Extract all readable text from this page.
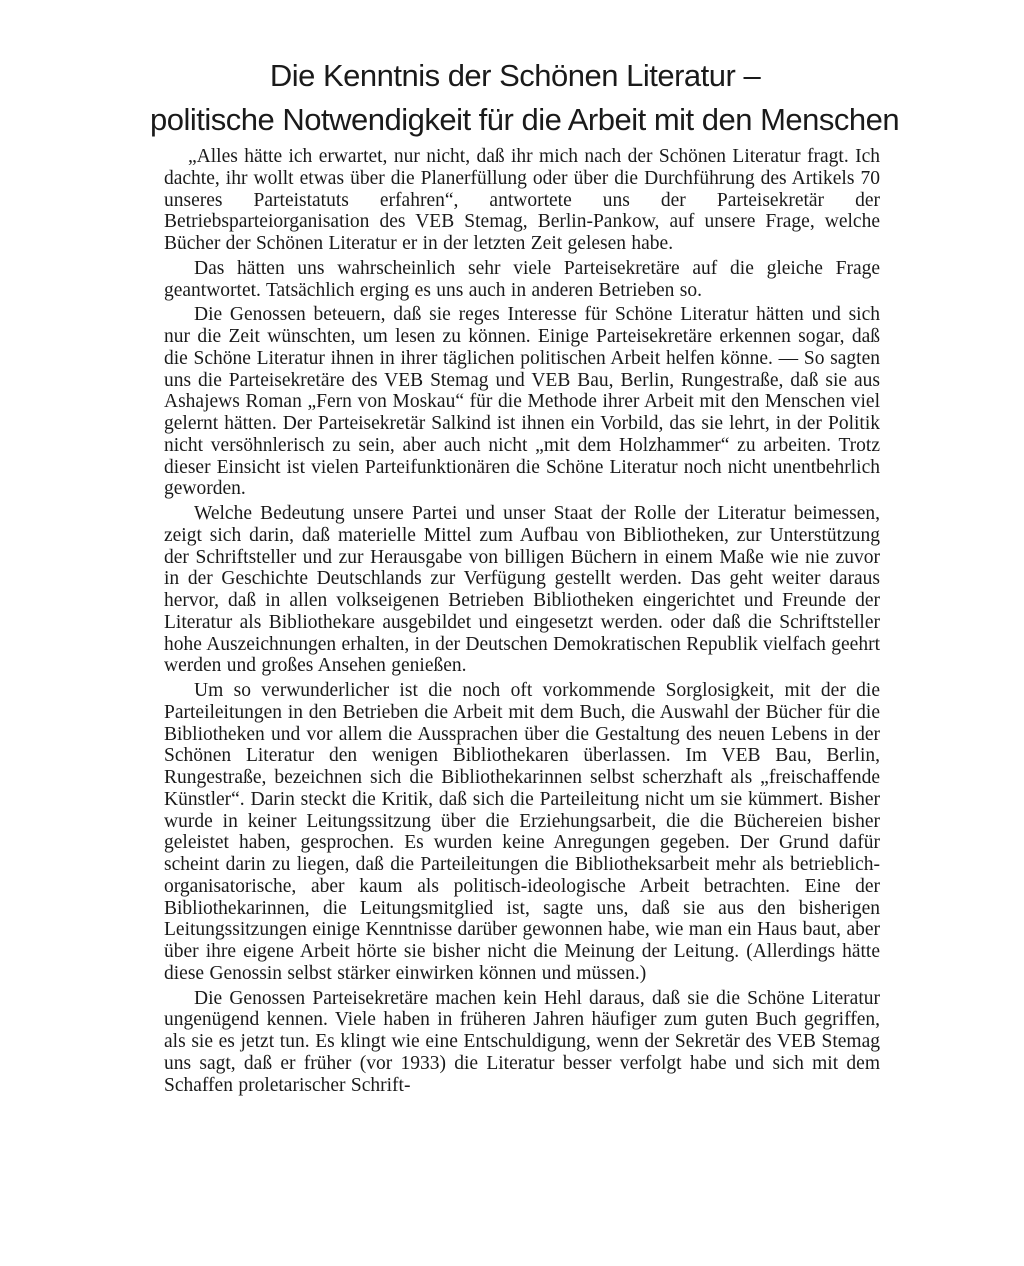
Die Kenntnis der Schönen Literatur –
politische Notwendigkeit für die Arbeit mit den Menschen

„Alles hätte ich erwartet, nur nicht, daß ihr mich nach der Schönen Literatur fragt. Ich dachte, ihr wollt etwas über die Planerfüllung oder über die Durchführung des Artikels 70 unseres Parteistatuts erfahren“, antwortete uns der Parteisekretär der Betriebsparteiorganisation des VEB Stemag, Berlin-Pankow, auf unsere Frage, welche Bücher der Schönen Literatur er in der letzten Zeit gelesen habe.

Das hätten uns wahrscheinlich sehr viele Parteisekretäre auf die gleiche Frage geantwortet. Tatsächlich erging es uns auch in anderen Betrieben so.

Die Genossen beteuern, daß sie reges Interesse für Schöne Literatur hätten und sich nur die Zeit wünschten, um lesen zu können. Einige Parteisekretäre erkennen sogar, daß die Schöne Literatur ihnen in ihrer täglichen politischen Arbeit helfen könne. — So sagten uns die Parteisekretäre des VEB Stemag und VEB Bau, Berlin, Rungestraße, daß sie aus Ashajews Roman „Fern von Moskau“ für die Methode ihrer Arbeit mit den Menschen viel gelernt hätten. Der Parteisekretär Salkind ist ihnen ein Vorbild, das sie lehrt, in der Politik nicht versöhnlerisch zu sein, aber auch nicht „mit dem Holzhammer“ zu arbeiten. Trotz dieser Einsicht ist vielen Parteifunktionären die Schöne Literatur noch nicht unentbehrlich geworden.

Welche Bedeutung unsere Partei und unser Staat der Rolle der Literatur beimessen, zeigt sich darin, daß materielle Mittel zum Aufbau von Bibliotheken, zur Unterstützung der Schriftsteller und zur Herausgabe von billigen Büchern in einem Maße wie nie zuvor in der Geschichte Deutschlands zur Verfügung gestellt werden. Das geht weiter daraus hervor, daß in allen volkseigenen Betrieben Bibliotheken eingerichtet und Freunde der Literatur als Bibliothekare ausgebildet und eingesetzt werden. oder daß die Schriftsteller hohe Auszeichnungen erhalten, in der Deutschen Demokratischen Republik vielfach geehrt werden und großes Ansehen genießen.

Um so verwunderlicher ist die noch oft vorkommende Sorglosigkeit, mit der die Parteileitungen in den Betrieben die Arbeit mit dem Buch, die Auswahl der Bücher für die Bibliotheken und vor allem die Aussprachen über die Gestaltung des neuen Lebens in der Schönen Literatur den wenigen Bibliothekaren überlassen. Im VEB Bau, Berlin, Rungestraße, bezeichnen sich die Bibliothekarinnen selbst scherzhaft als „freischaffende Künstler“. Darin steckt die Kritik, daß sich die Parteileitung nicht um sie kümmert. Bisher wurde in keiner Leitungssitzung über die Erziehungsarbeit, die die Büchereien bisher geleistet haben, gesprochen. Es wurden keine Anregungen gegeben. Der Grund dafür scheint darin zu liegen, daß die Parteileitungen die Bibliotheksarbeit mehr als betrieblich-organisatorische, aber kaum als politisch-ideologische Arbeit betrachten. Eine der Bibliothekarinnen, die Leitungsmitglied ist, sagte uns, daß sie aus den bisherigen Leitungssitzungen einige Kenntnisse darüber gewonnen habe, wie man ein Haus baut, aber über ihre eigene Arbeit hörte sie bisher nicht die Meinung der Leitung. (Allerdings hätte diese Genossin selbst stärker einwirken können und müssen.)

Die Genossen Parteisekretäre machen kein Hehl daraus, daß sie die Schöne Literatur ungenügend kennen. Viele haben in früheren Jahren häufiger zum guten Buch gegriffen, als sie es jetzt tun. Es klingt wie eine Entschuldigung, wenn der Sekretär des VEB Stemag uns sagt, daß er früher (vor 1933) die Literatur besser verfolgt habe und sich mit dem Schaffen proletarischer Schrift-
